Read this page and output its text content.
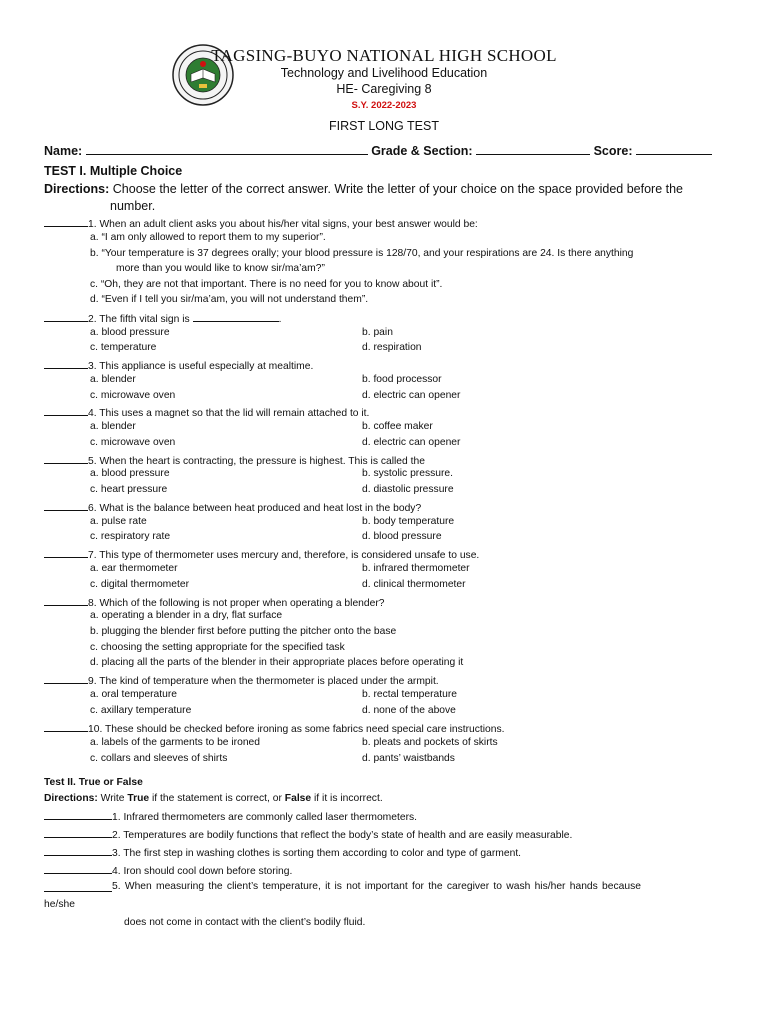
TAGSING-BUYO NATIONAL HIGH SCHOOL
Technology and Livelihood Education
HE- Caregiving 8
S.Y. 2022-2023
FIRST LONG TEST
Name:	Grade & Section:	Score:
TEST I. Multiple Choice
Directions: Choose the letter of the correct answer. Write the letter of your choice on the space provided before the
number.
1. When an adult client asks you about his/her vital signs, your best answer would be:
a. “I am only allowed to report them to my superior”.
b. “Your temperature is 37 degrees orally; your blood pressure is 128/70, and your respirations are 24. Is there anything
more than you would like to know sir/ma’am?”
c. “Oh, they are not that important. There is no need for you to know about it”.
d. “Even if I tell you sir/ma’am, you will not understand them”.
2. The fifth vital sign is	.
a. blood pressure	b. pain
c. temperature	d. respiration
3. This appliance is useful especially at mealtime.
a. blender	b. food processor
c. microwave oven	d. electric can opener
4. This uses a magnet so that the lid will remain attached to it.
a. blender	b. coffee maker
c. microwave oven	d. electric can opener
5. When the heart is contracting, the pressure is highest. This is called the
a. blood pressure	b. systolic pressure.
c. heart pressure	d. diastolic pressure
6. What is the balance between heat produced and heat lost in the body?
a. pulse rate	b. body temperature
c. respiratory rate	d. blood pressure
7. This type of thermometer uses mercury and, therefore, is considered unsafe to use.
a. ear thermometer	b. infrared thermometer
c. digital thermometer	d. clinical thermometer
8. Which of the following is not proper when operating a blender?
a. operating a blender in a dry, flat surface
b. plugging the blender first before putting the pitcher onto the base
c. choosing the setting appropriate for the specified task
d. placing all the parts of the blender in their appropriate places before operating it
9. The kind of temperature when the thermometer is placed under the armpit.
a. oral temperature	b. rectal temperature
c. axillary temperature	d. none of the above
10. These should be checked before ironing as some fabrics need special care instructions.
a. labels of the garments to be ironed	b. pleats and pockets of skirts
c. collars and sleeves of shirts	d. pants’ waistbands
Test II. True or False
Directions: Write True if the statement is correct, or False if it is incorrect.
1. Infrared thermometers are commonly called laser thermometers.
2. Temperatures are bodily functions that reflect the body’s state of health and are easily measurable.
3. The first step in washing clothes is sorting them according to color and type of garment.
4. Iron should cool down before storing.
5. When measuring the client’s temperature, it is not important for the caregiver to wash his/her hands because
he/she
does not come in contact with the client’s bodily fluid.
